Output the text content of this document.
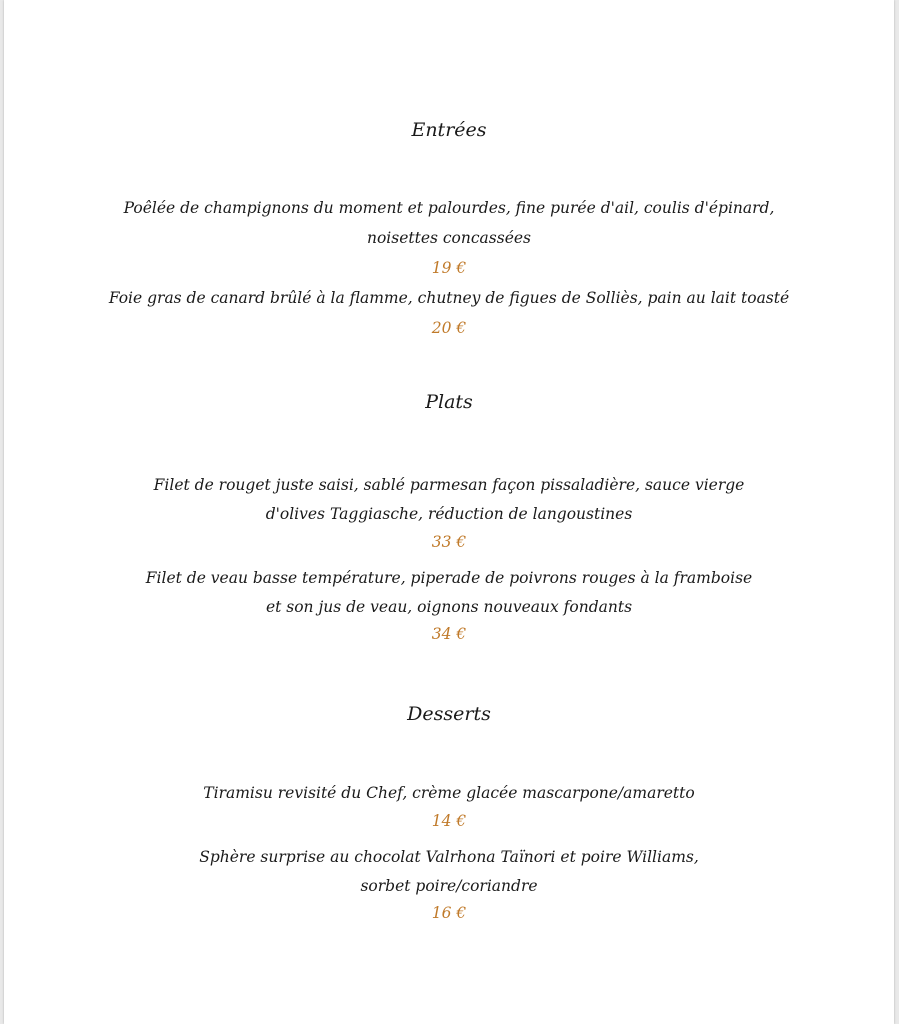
Entrées

Poêlée de champignons du moment et palourdes, fine purée d'ail, coulis d'épinard,

noisettes concassées

19 €

Foie gras de canard brûlé à la flamme, chutney de figues de Solliès, pain au lait toasté

20 €

Plats

Filet de rouget juste saisi, sablé parmesan façon pissaladière, sauce vierge

d'olives Taggiasche, réduction de langoustines

33 €

Filet de veau basse température, piperade de poivrons rouges à la framboise

et son jus de veau, oignons nouveaux fondants

34 €

Desserts

Tiramisu revisité du Chef, crème glacée mascarpone/amaretto

14 €

Sphère surprise au chocolat Valrhona Taïnori et poire Williams,

sorbet poire/coriandre

16 €
